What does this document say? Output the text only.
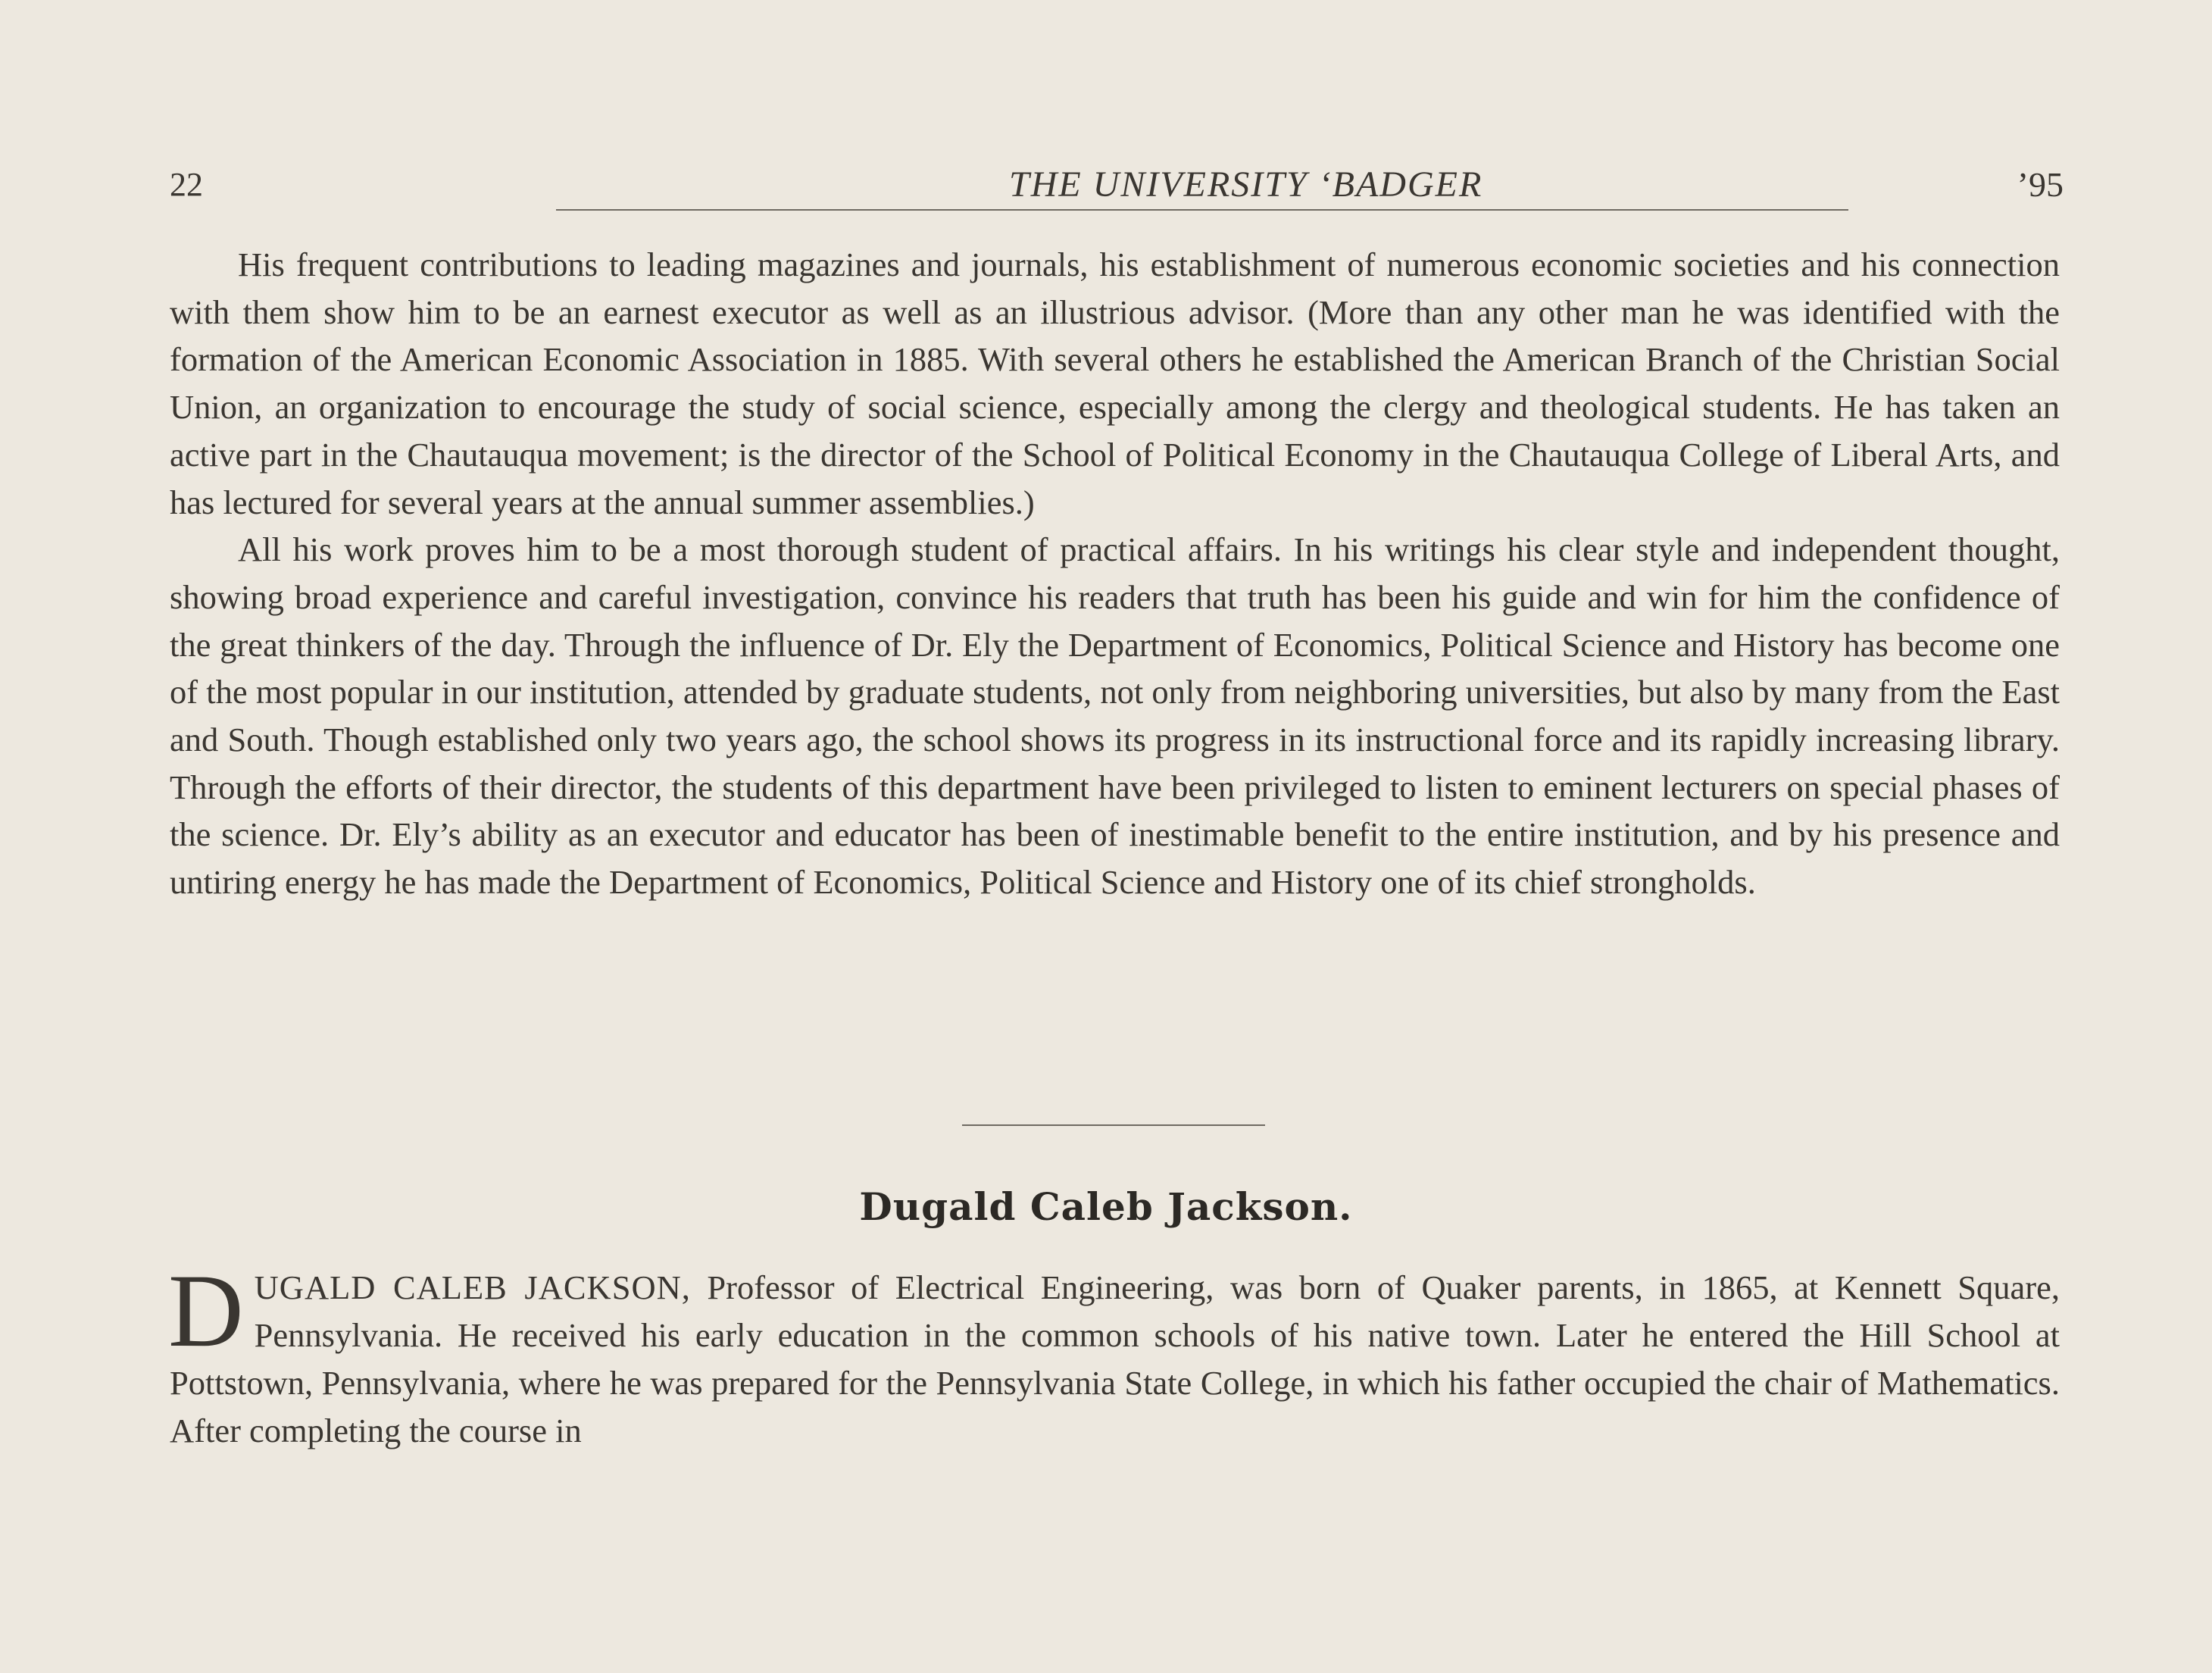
22	THE UNIVERSITY ‘BADGER	’95

His frequent contributions to leading magazines and journals, his establishment of numerous economic societies and his connection with them show him to be an earnest executor as well as an illustrious advisor. (More than any other man he was identified with the formation of the American Economic Association in 1885. With several others he established the American Branch of the Christian Social Union, an organization to encourage the study of social science, especially among the clergy and theological students. He has taken an active part in the Chautauqua movement; is the director of the School of Political Economy in the Chautauqua College of Liberal Arts, and has lectured for several years at the annual summer assemblies.)

All his work proves him to be a most thorough student of practical affairs. In his writings his clear style and independent thought, showing broad experience and careful investigation, convince his readers that truth has been his guide and win for him the confidence of the great thinkers of the day. Through the influence of Dr. Ely the Department of Economics, Political Science and History has become one of the most popular in our institution, attended by graduate students, not only from neighboring universities, but also by many from the East and South. Though established only two years ago, the school shows its progress in its instructional force and its rapidly increasing library. Through the efforts of their director, the students of this department have been privileged to listen to eminent lecturers on special phases of the science. Dr. Ely’s ability as an executor and educator has been of inestimable benefit to the entire institution, and by his presence and untiring energy he has made the Department of Economics, Political Science and History one of its chief strongholds.

Dugald Caleb Jackson.
DUGALD CALEB JACKSON, Professor of Electrical Engineering, was born of Quaker parents, in 1865, at Kennett Square, Pennsylvania. He received his early education in the common schools of his native town. Later he entered the Hill School at Pottstown, Pennsylvania, where he was prepared for the Pennsylvania State College, in which his father occupied the chair of Mathematics. After completing the course in
